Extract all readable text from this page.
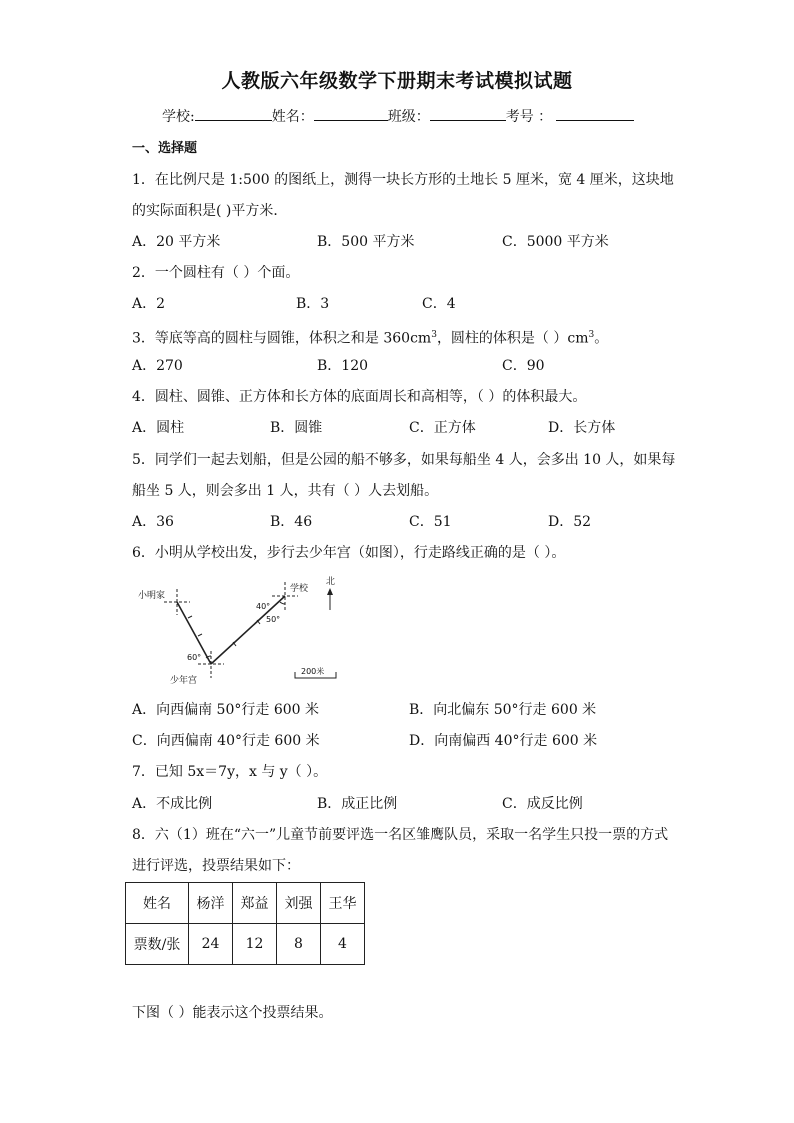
人教版六年级数学下册期末考试模拟试题
学校:	姓名：	班级：	考号 ：
一、选择题
1．在比例尺是 1:500 的图纸上，测得一块长方形的土地长 5 厘米，宽 4 厘米，这块地
的实际面积是( )平方米．
A．20 平方米	B．500 平方米	C．5000 平方米
2．一个圆柱有（ ）个面。
A．2	B．3	C．4
3．等底等高的圆柱与圆锥，体积之和是 $360cm^3$，圆柱的体积是（ ）$cm^3$。
A．270	B．120	C．90
4．圆柱、圆锥、正方体和长方体的底面周长和高相等，（ ）的体积最大。
A．圆柱	B．圆锥	C．正方体	D．长方体
5．同学们一起去划船，但是公园的船不够多，如果每船坐 4 人，会多出 10 人，如果每
船坐 5 人，则会多出 1 人，共有（ ）人去划船。
A．36	B．46	C．51	D．52
6．小明从学校出发，步行去少年宫（如图），行走路线正确的是（ ）。
小明家
学校
少年宫
北
60°
40°
50°
200米
A．向西偏南 50°行走 600 米	B．向北偏东 50°行走 600 米
C．向西偏南 40°行走 600 米	D．向南偏西 40°行走 600 米
7．已知 5x＝7y，x 与 y（ ）。
A．不成比例	B．成正比例	C．成反比例
8．六（1）班在“六一”儿童节前要评选一名区雏鹰队员，采取一名学生只投一票的方式
进行评选，投票结果如下：
姓名	杨洋	郑益	刘强	王华
票数/张	24	12	8	4
下图（ ）能表示这个投票结果。
